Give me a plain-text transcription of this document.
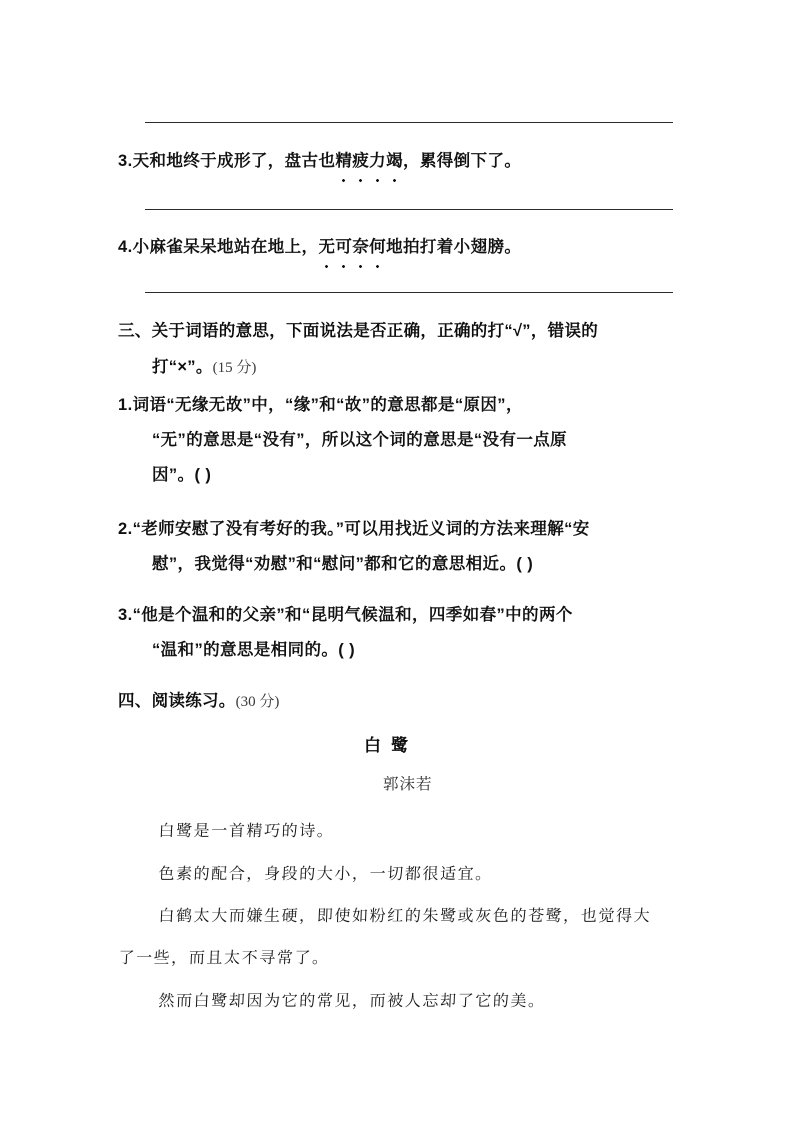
3.天和地终于成形了，盘古也精疲力竭，累得倒下了。
4.小麻雀呆呆地站在地上，无可奈何地拍打着小翅膀。
三、关于词语的意思，下面说法是否正确，正确的打“√”，错误的
打“×”。(15 分)
1.词语“无缘无故”中，“缘”和“故”的意思都是“原因”，
“无”的意思是“没有”，所以这个词的意思是“没有一点原
因”。( )
2.“老师安慰了没有考好的我。”可以用找近义词的方法来理解“安
慰”，我觉得“劝慰”和“慰问”都和它的意思相近。( )
3.“他是个温和的父亲”和“昆明气候温和，四季如春”中的两个
“温和”的意思是相同的。( )
四、阅读练习。(30 分)
白鹭
郭沫若
白鹭是一首精巧的诗。
色素的配合，身段的大小，一切都很适宜。
白鹤太大而嫌生硬，即使如粉红的朱鹭或灰色的苍鹭，也觉得大
了一些，而且太不寻常了。
然而白鹭却因为它的常见，而被人忘却了它的美。
